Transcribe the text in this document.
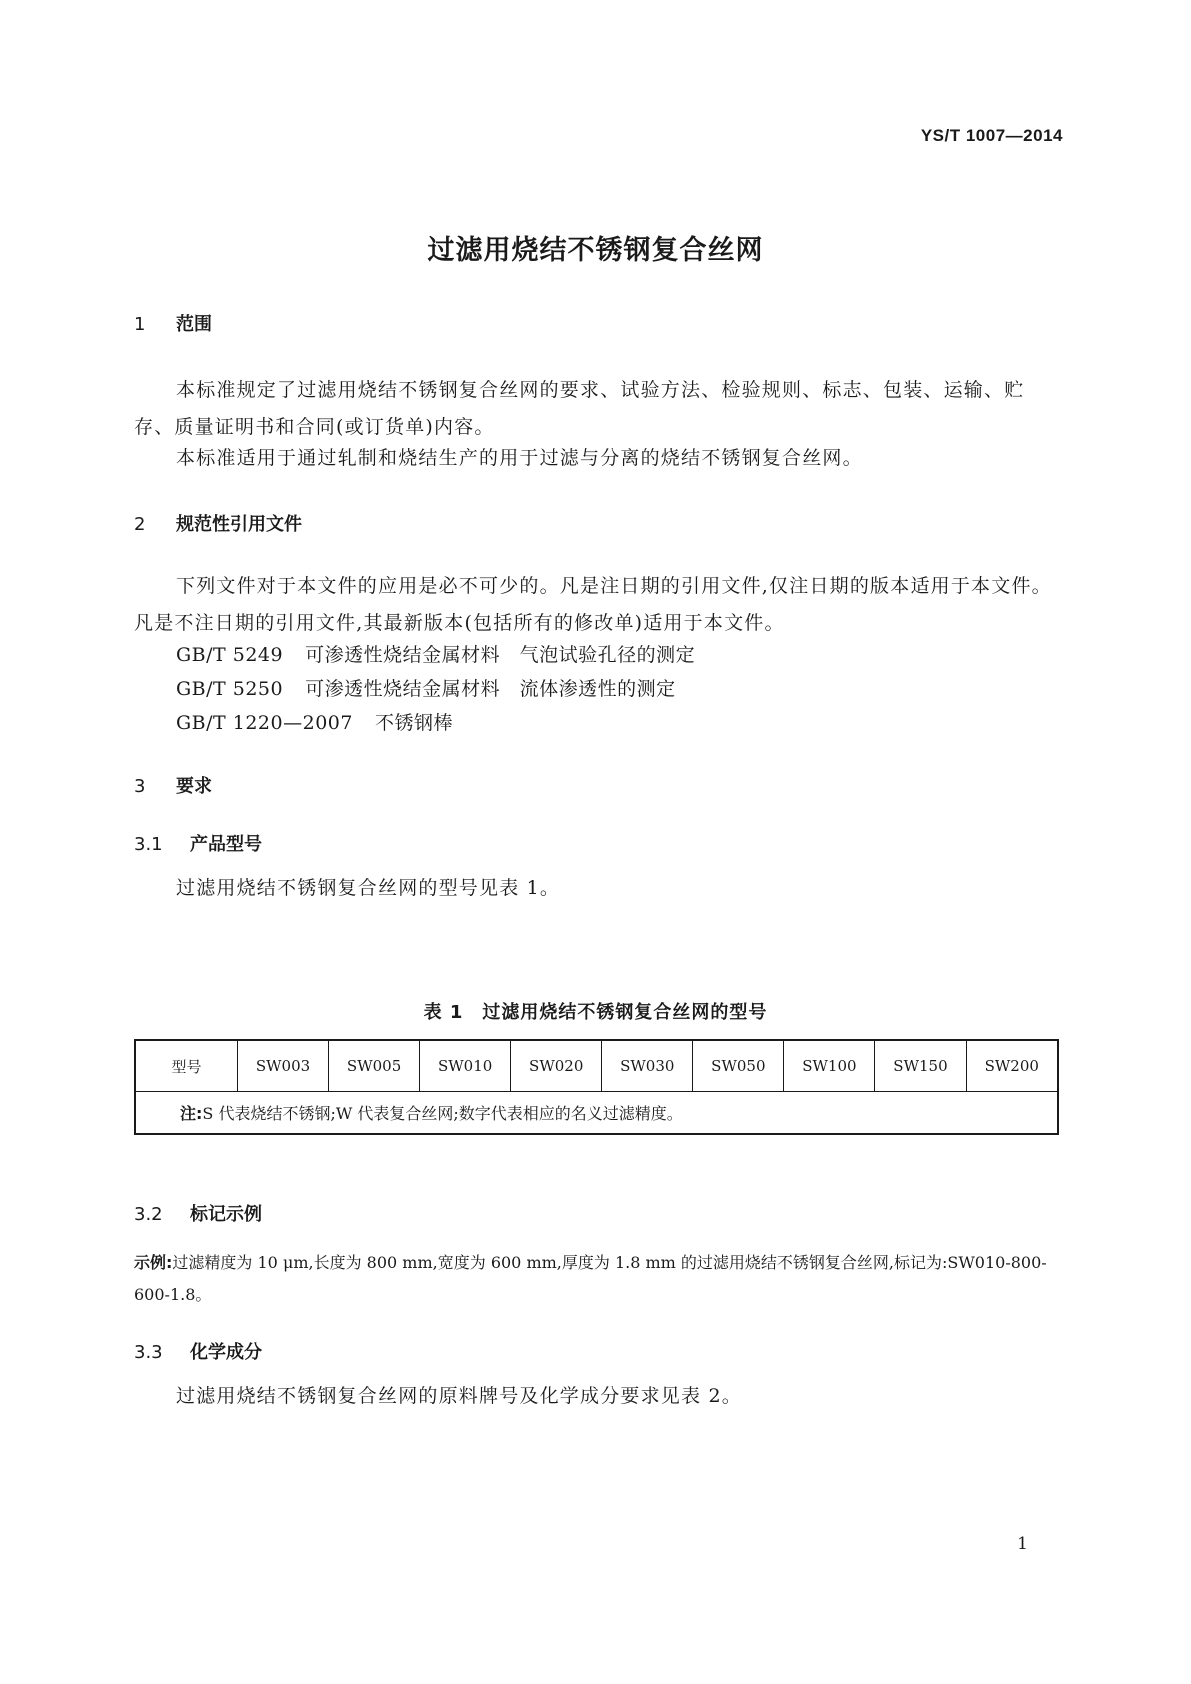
YS/T 1007—2014
过滤用烧结不锈钢复合丝网
1 范围
本标准规定了过滤用烧结不锈钢复合丝网的要求、试验方法、检验规则、标志、包装、运输、贮存、质量证明书和合同(或订货单)内容。
本标准适用于通过轧制和烧结生产的用于过滤与分离的烧结不锈钢复合丝网。
2 规范性引用文件
下列文件对于本文件的应用是必不可少的。凡是注日期的引用文件,仅注日期的版本适用于本文件。凡是不注日期的引用文件,其最新版本(包括所有的修改单)适用于本文件。
GB/T 5249 可渗透性烧结金属材料　气泡试验孔径的测定
GB/T 5250 可渗透性烧结金属材料　流体渗透性的测定
GB/T 1220—2007 不锈钢棒
3 要求
3.1 产品型号
过滤用烧结不锈钢复合丝网的型号见表 1。
表 1　过滤用烧结不锈钢复合丝网的型号
型号	SW003	SW005	SW010	SW020	SW030	SW050	SW100	SW150	SW200
注:S 代表烧结不锈钢;W 代表复合丝网;数字代表相应的名义过滤精度。
3.2 标记示例
示例:过滤精度为 10 μm,长度为 800 mm,宽度为 600 mm,厚度为 1.8 mm 的过滤用烧结不锈钢复合丝网,标记为:SW010-800-600-1.8。
3.3 化学成分
过滤用烧结不锈钢复合丝网的原料牌号及化学成分要求见表 2。
1
